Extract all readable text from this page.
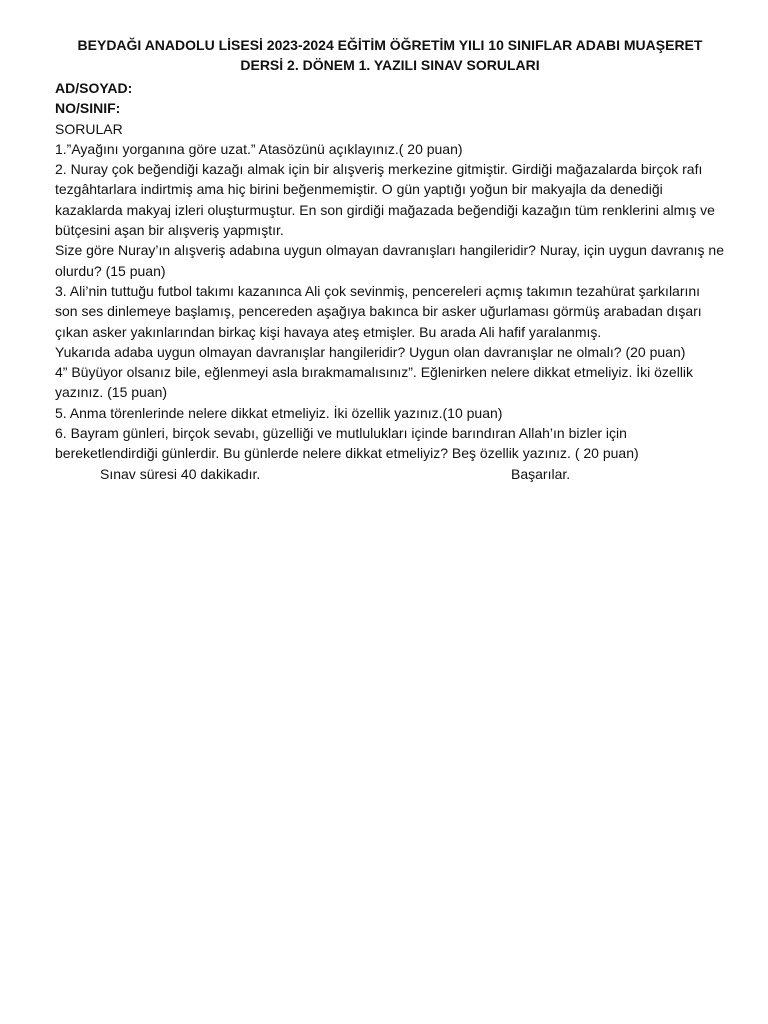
BEYDAĞI ANADOLU LİSESİ 2023-2024 EĞİTİM ÖĞRETİM YILI 10 SINIFLAR ADABI MUAŞERET
DERSİ 2. DÖNEM 1. YAZILI SINAV SORULARI

AD/SOYAD:

NO/SINIF:

SORULAR

1.”Ayağını yorganına göre uzat.” Atasözünü açıklayınız.( 20 puan)

2. Nuray çok beğendiği kazağı almak için bir alışveriş merkezine gitmiştir. Girdiği mağazalarda birçok rafı tezgâhtarlara indirtmiş ama hiç birini beğenmemiştir. O gün yaptığı yoğun bir makyajla da denediği kazaklarda makyaj izleri oluşturmuştur. En son girdiği mağazada beğendiği kazağın tüm renklerini almış ve bütçesini aşan bir alışveriş yapmıştır.

Size göre Nuray’ın alışveriş adabına uygun olmayan davranışları hangileridir? Nuray, için uygun davranış ne olurdu? (15 puan)

3. Ali’nin tuttuğu futbol takımı kazanınca Ali çok sevinmiş, pencereleri açmış takımın tezahürat şarkılarını son ses dinlemeye başlamış, pencereden aşağıya bakınca bir asker uğurlaması görmüş arabadan dışarı çıkan asker yakınlarından birkaç kişi havaya ateş etmişler. Bu arada Ali hafif yaralanmış.

Yukarıda adaba uygun olmayan davranışlar hangileridir? Uygun olan davranışlar ne olmalı? (20 puan)

4” Büyüyor olsanız bile, eğlenmeyi asla bırakmamalısınız”. Eğlenirken nelere dikkat etmeliyiz. İki özellik yazınız. (15 puan)

5. Anma törenlerinde nelere dikkat etmeliyiz. İki özellik yazınız.(10 puan)

6. Bayram günleri, birçok sevabı, güzelliği ve mutlulukları içinde barındıran Allah’ın bizler için bereketlendirdiği günlerdir. Bu günlerde nelere dikkat etmeliyiz? Beş özellik yazınız. ( 20 puan)

Sınav süresi 40 dakikadır.	Başarılar.
